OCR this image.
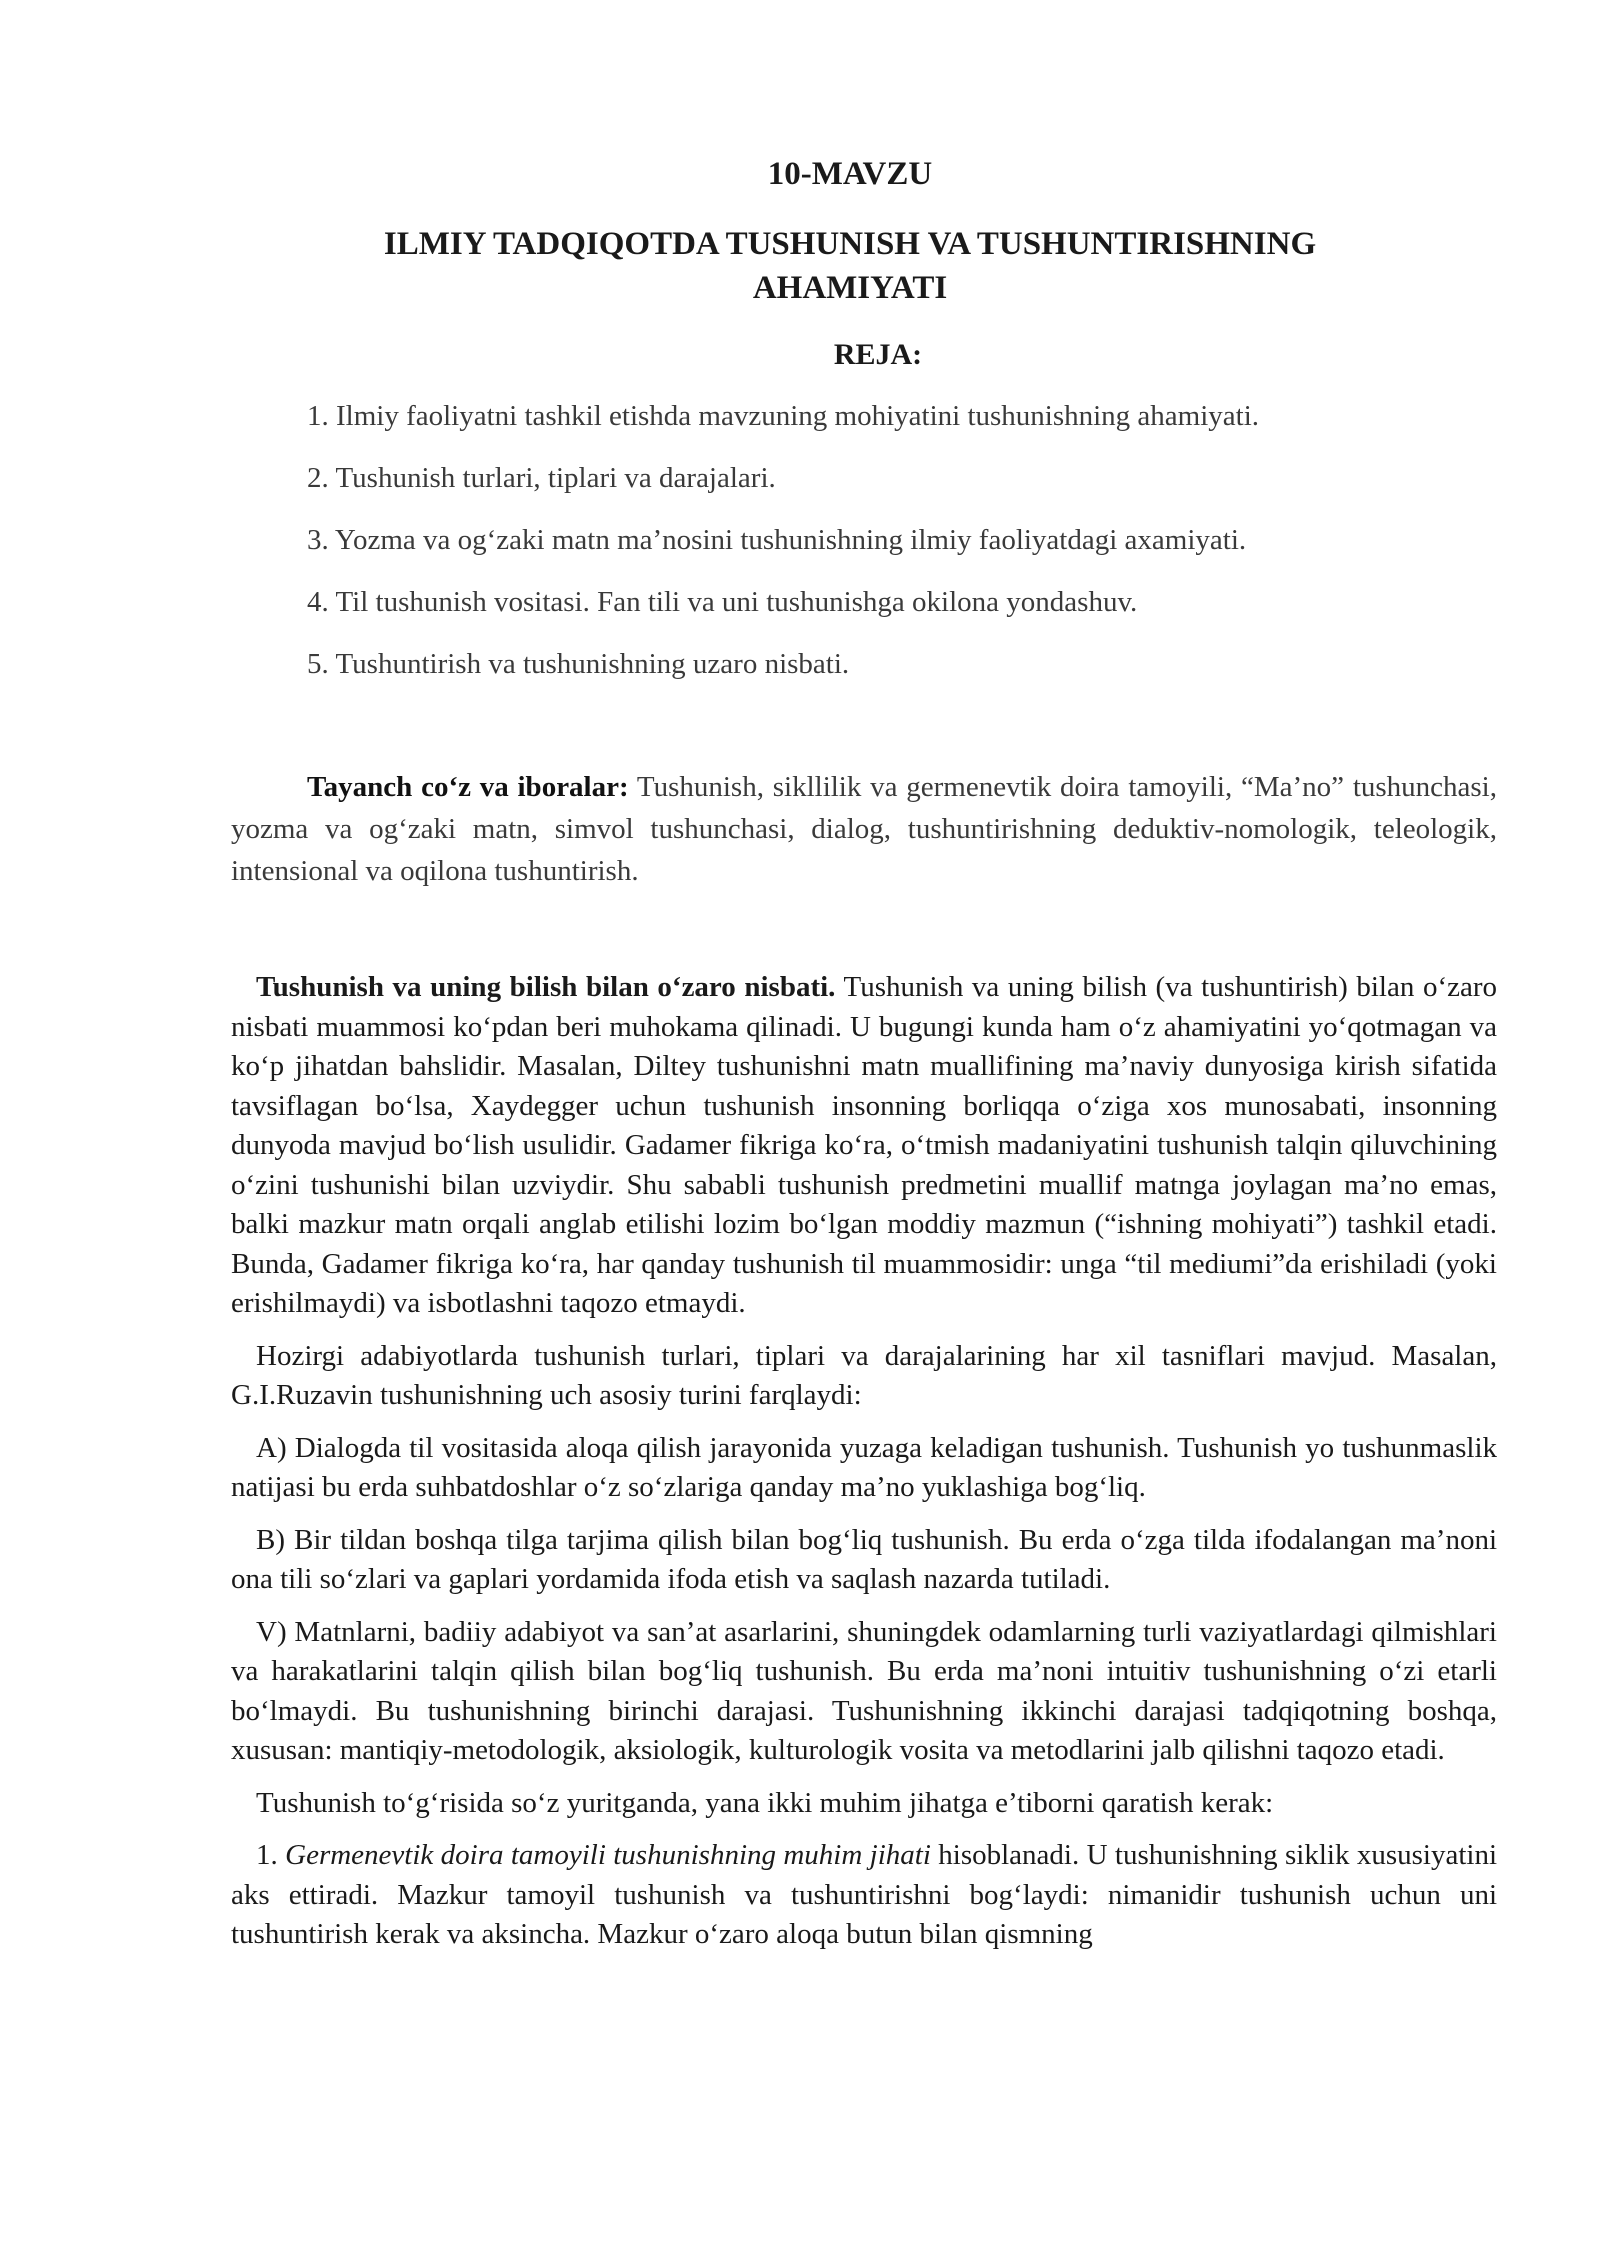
10-MAVZU
ILMIY TADQIQOTDA TUSHUNISH VA TUSHUNTIRISHNING AHAMIYATI
REJA:
1. Ilmiy faoliyatni tashkil etishda mavzuning mohiyatini tushunishning ahamiyati.
2. Tushunish turlari, tiplari va darajalari.
3. Yozma va og‘zaki matn ma’nosini tushunishning ilmiy faoliyatdagi axamiyati.
4. Til tushunish vositasi. Fan tili va uni tushunishga okilona yondashuv.
5. Tushuntirish va tushunishning uzaro nisbati.
Tayanch co‘z va iboralar: Tushunish, sikllilik va germenevtik doira tamoyili, “Ma’no” tushunchasi, yozma va og‘zaki matn, simvol tushunchasi, dialog, tushuntirishning deduktiv-nomologik, teleologik, intensional va oqilona tushuntirish.

Tushunish va uning bilish bilan o‘zaro nisbati. Tushunish va uning bilish (va tushuntirish) bilan o‘zaro nisbati muammosi ko‘pdan beri muhokama qilinadi. U bugungi kunda ham o‘z ahamiyatini yo‘qotmagan va ko‘p jihatdan bahslidir. Masalan, Diltey tushunishni matn muallifining ma’naviy dunyosiga kirish sifatida tavsiflagan bo‘lsa, Xaydegger uchun tushunish insonning borliqqa o‘ziga xos munosabati, insonning dunyoda mavjud bo‘lish usulidir. Gadamer fikriga ko‘ra, o‘tmish madaniyatini tushunish talqin qiluvchining o‘zini tushunishi bilan uzviydir. Shu sababli tushunish predmetini muallif matnga joylagan ma’no emas, balki mazkur matn orqali anglab etilishi lozim bo‘lgan moddiy mazmun (“ishning mohiyati”) tashkil etadi. Bunda, Gadamer fikriga ko‘ra, har qanday tushunish til muammosidir: unga “til mediumi”da erishiladi (yoki erishilmaydi) va isbotlashni taqozo etmaydi.

Hozirgi adabiyotlarda tushunish turlari, tiplari va darajalarining har xil tasniflari mavjud. Masalan, G.I.Ruzavin tushunishning uch asosiy turini farqlaydi:

A) Dialogda til vositasida aloqa qilish jarayonida yuzaga keladigan tushunish. Tushunish yo tushunmaslik natijasi bu erda suhbatdoshlar o‘z so‘zlariga qanday ma’no yuklashiga bog‘liq.

B) Bir tildan boshqa tilga tarjima qilish bilan bog‘liq tushunish. Bu erda o‘zga tilda ifodalangan ma’noni ona tili so‘zlari va gaplari yordamida ifoda etish va saqlash nazarda tutiladi.

V) Matnlarni, badiiy adabiyot va san’at asarlarini, shuningdek odamlarning turli vaziyatlardagi qilmishlari va harakatlarini talqin qilish bilan bog‘liq tushunish. Bu erda ma’noni intuitiv tushunishning o‘zi etarli bo‘lmaydi. Bu tushunishning birinchi darajasi. Tushunishning ikkinchi darajasi tadqiqotning boshqa, xususan: mantiqiy-metodologik, aksiologik, kulturologik vosita va metodlarini jalb qilishni taqozo etadi.

Tushunish to‘g‘risida so‘z yuritganda, yana ikki muhim jihatga e’tiborni qaratish kerak:

1. Germenevtik doira tamoyili tushunishning muhim jihati hisoblanadi. U tushunishning siklik xususiyatini aks ettiradi. Mazkur tamoyil tushunish va tushuntirishni bog‘laydi: nimanidir tushunish uchun uni tushuntirish kerak va aksincha. Mazkur o‘zaro aloqa butun bilan qismning
